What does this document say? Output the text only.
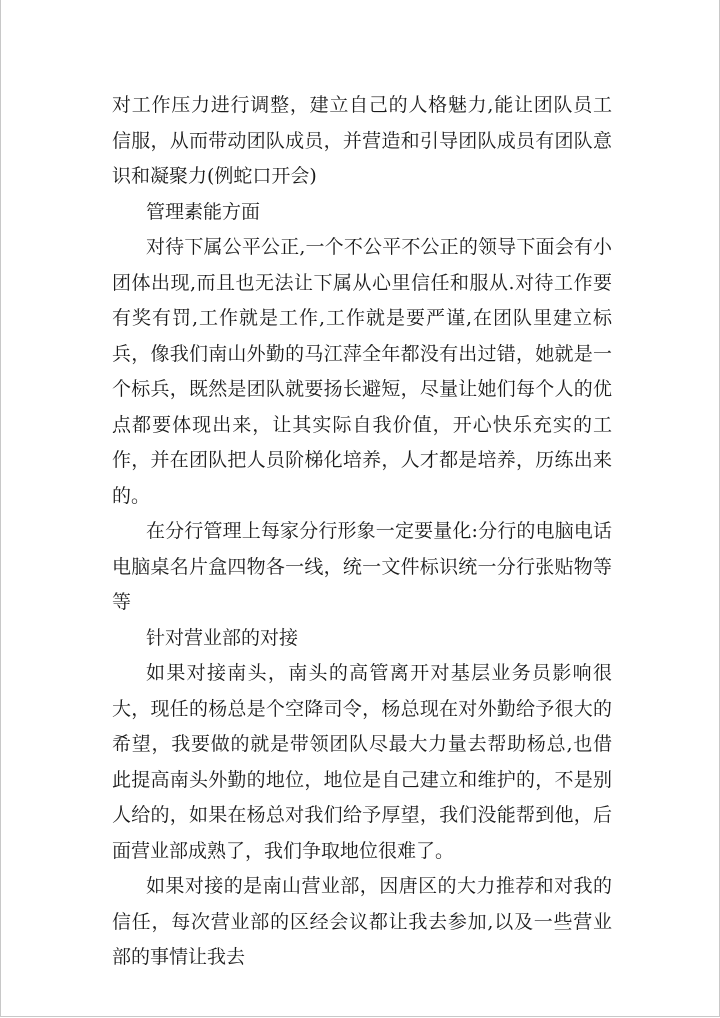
对工作压力进行调整，建立自己的人格魅力,能让团队员工信服，从而带动团队成员，并营造和引导团队成员有团队意识和凝聚力(例蛇口开会)

管理素能方面

对待下属公平公正,一个不公平不公正的领导下面会有小团体出现,而且也无法让下属从心里信任和服从.对待工作要有奖有罚,工作就是工作,工作就是要严谨,在团队里建立标兵，像我们南山外勤的马江萍全年都没有出过错，她就是一个标兵，既然是团队就要扬长避短，尽量让她们每个人的优点都要体现出来，让其实际自我价值，开心快乐充实的工作，并在团队把人员阶梯化培养，人才都是培养，历练出来的。

在分行管理上每家分行形象一定要量化:分行的电脑电话电脑桌名片盒四物各一线，统一文件标识统一分行张贴物等等

针对营业部的对接

如果对接南头，南头的高管离开对基层业务员影响很大，现任的杨总是个空降司令，杨总现在对外勤给予很大的希望，我要做的就是带领团队尽最大力量去帮助杨总,也借此提高南头外勤的地位，地位是自己建立和维护的，不是别人给的，如果在杨总对我们给予厚望，我们没能帮到他，后面营业部成熟了，我们争取地位很难了。

如果对接的是南山营业部，因唐区的大力推荐和对我的信任，每次营业部的区经会议都让我去参加,以及一些营业部的事情让我去
